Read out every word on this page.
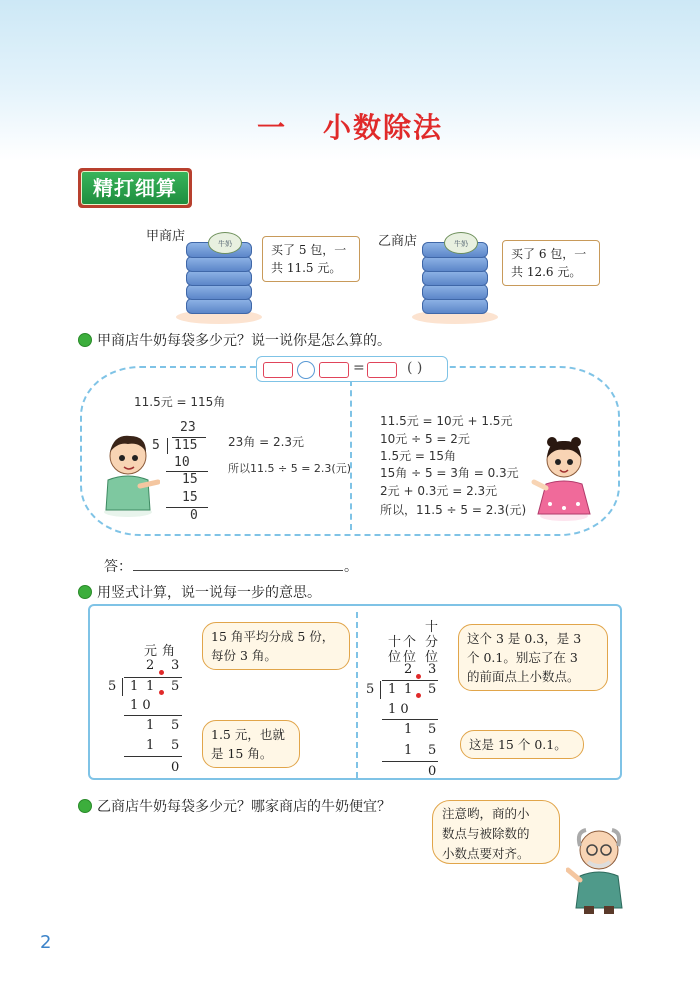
一 小数除法
精打细算
甲商店	牛奶	买了 5 包，一
共 11.5 元。
乙商店	牛奶
买了 6 包，一
共 12.6 元。
甲商店牛奶每袋多少元？说一说你是怎么算的。
=	( )
11.5元 = 115角
23
5 115
10
15
15
0
23角 = 2.3元
所以11.5 ÷ 5 = 2.3(元)
11.5元 = 10元 + 1.5元
10元 ÷ 5 = 2元
1.5元 = 15角
15角 ÷ 5 = 3角 = 0.3元
2元 + 0.3元 = 2.3元
所以，11.5 ÷ 5 = 2.3(元)
答：	。
用竖式计算，说一说每一步的意思。
元 角
2 3
5 1 1 5
1 0
1 5
1 5
0
15 角平均分成 5 份，
每份 3 角。
1.5 元，也就
是 15 角。
十
分
十 个
位 位 位
2 3
5 1 1 5
1 0
1 5
1 5
0
这个 3 是 0.3，是 3
个 0.1。别忘了在 3
的前面点上小数点。
这是 15 个 0.1。
乙商店牛奶每袋多少元？哪家商店的牛奶便宜？	注意哟，商的小
数点与被除数的
小数点要对齐。
2
